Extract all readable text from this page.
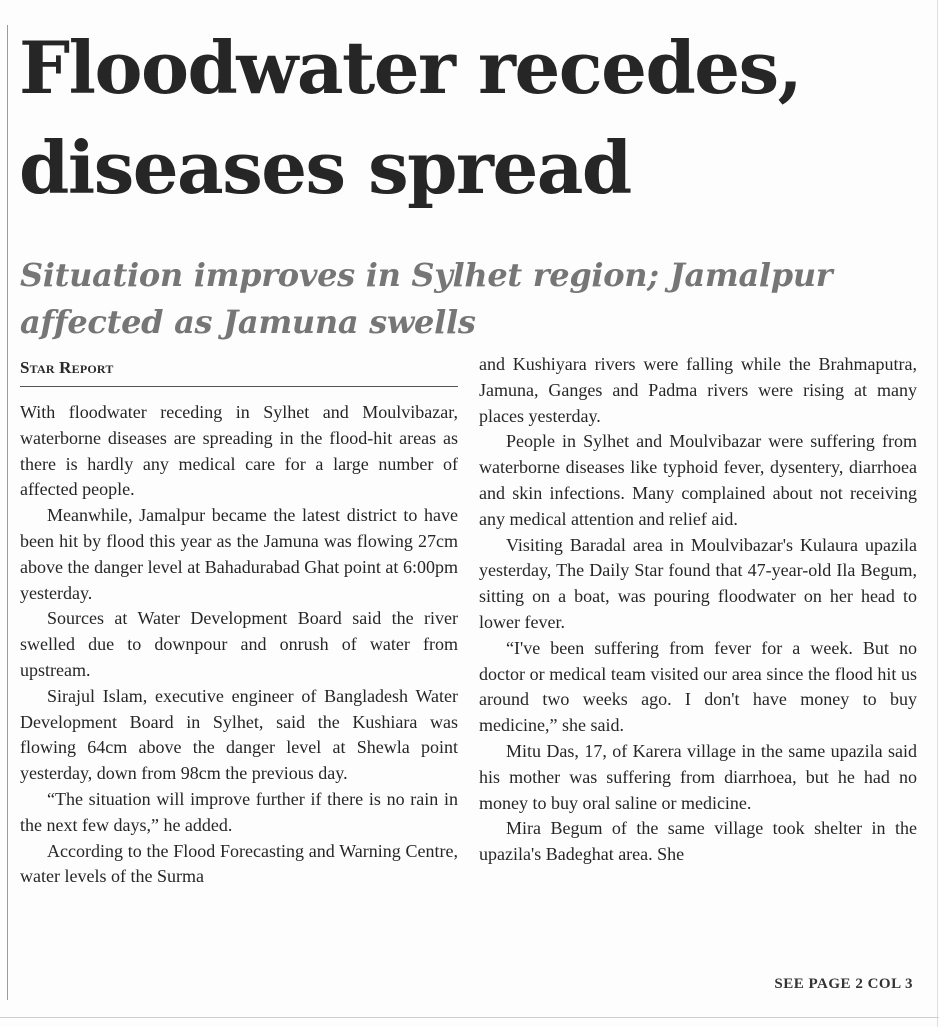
Floodwater recedes,
diseases spread
Situation improves in Sylhet region; Jamalpur
affected as Jamuna swells
Star Report

With floodwater receding in Sylhet and Moulvibazar, waterborne diseases are spreading in the flood-hit areas as there is hardly any medical care for a large number of affected people.

Meanwhile, Jamalpur became the latest district to have been hit by flood this year as the Jamuna was flowing 27cm above the danger level at Bahadurabad Ghat point at 6:00pm yesterday.

Sources at Water Development Board said the river swelled due to downpour and onrush of water from upstream.

Sirajul Islam, executive engineer of Bangladesh Water Development Board in Sylhet, said the Kushiara was flowing 64cm above the danger level at Shewla point yesterday, down from 98cm the previous day.

“The situation will improve further if there is no rain in the next few days,” he added.

According to the Flood Forecasting and Warning Centre, water levels of the Surma

and Kushiyara rivers were falling while the Brahmaputra, Jamuna, Ganges and Padma rivers were rising at many places yesterday.

People in Sylhet and Moulvibazar were suffering from waterborne diseases like typhoid fever, dysentery, diarrhoea and skin infections. Many complained about not receiving any medical attention and relief aid.

Visiting Baradal area in Moulvibazar's Kulaura upazila yesterday, The Daily Star found that 47-year-old Ila Begum, sitting on a boat, was pouring floodwater on her head to lower fever.

“I've been suffering from fever for a week. But no doctor or medical team visited our area since the flood hit us around two weeks ago. I don't have money to buy medicine,” she said.

Mitu Das, 17, of Karera village in the same upazila said his mother was suffering from diarrhoea, but he had no money to buy oral saline or medicine.

Mira Begum of the same village took shelter in the upazila's Badeghat area. She

SEE PAGE 2 COL 3
